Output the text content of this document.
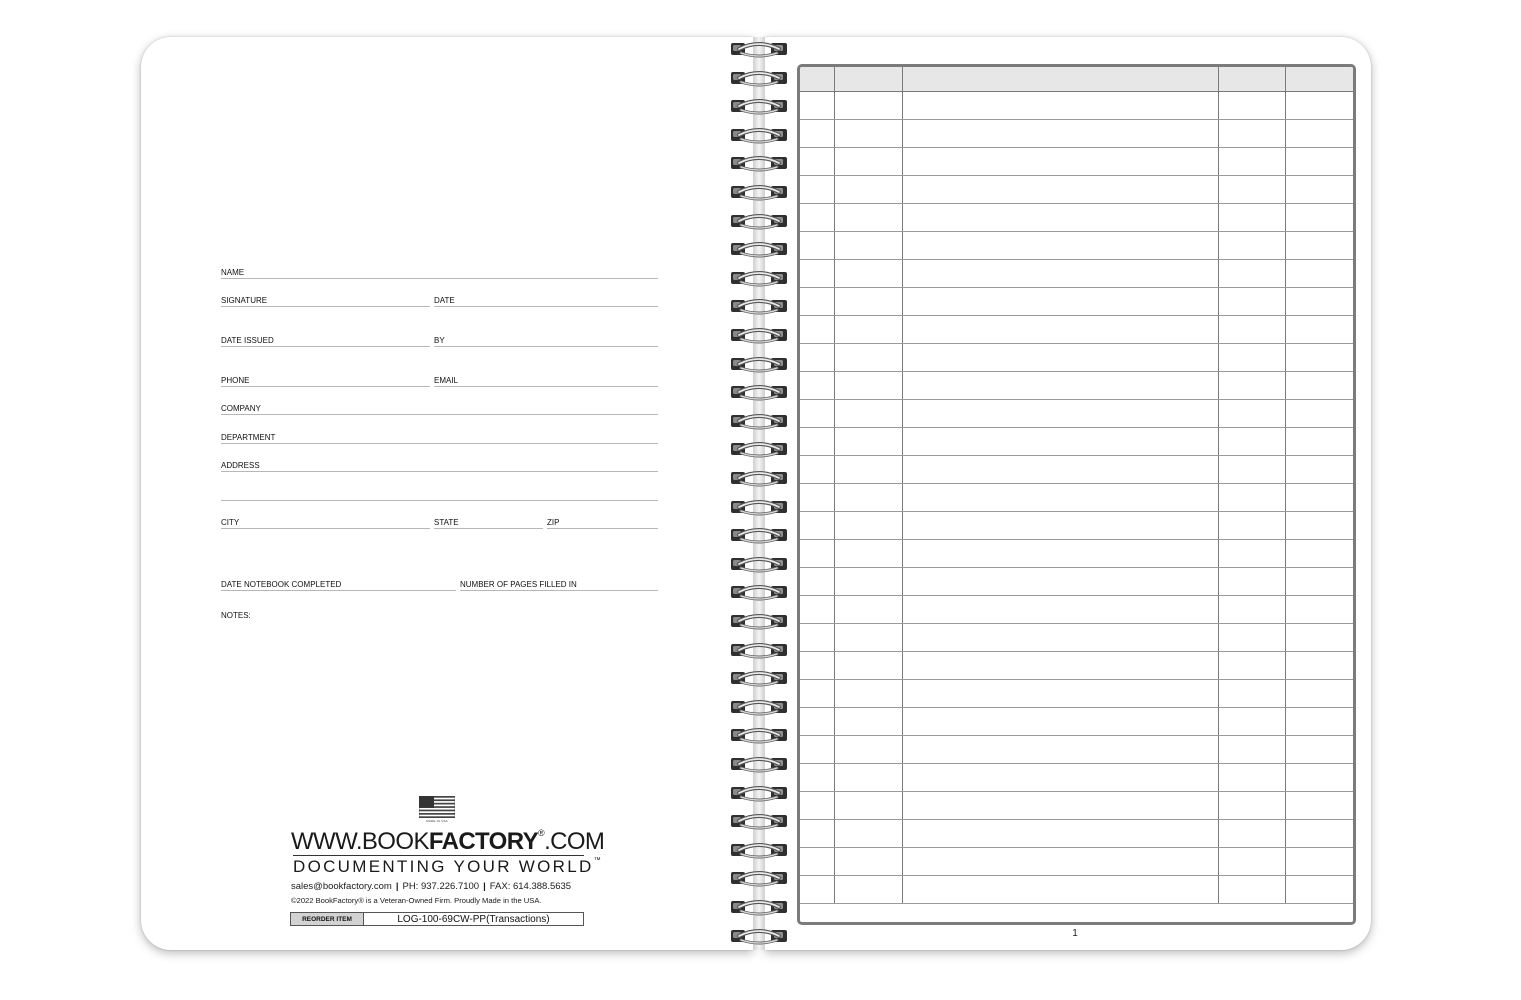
NAME
SIGNATURE	DATE
DATE ISSUED	BY
PHONE	EMAIL
COMPANY
DEPARTMENT
ADDRESS
CITY	STATE	ZIP
DATE NOTEBOOK COMPLETED	NUMBER OF PAGES FILLED IN
NOTES:
MADE IN USA
WWW.BOOKFACTORY®.COM
DOCUMENTING YOUR WORLD™
sales@bookfactory.com | PH: 937.226.7100 | FAX: 614.388.5635
©2022 BookFactory® is a Veteran-Owned Firm. Proudly Made in the USA.
REORDER ITEM	LOG-100-69CW-PP(Transactions)

1
